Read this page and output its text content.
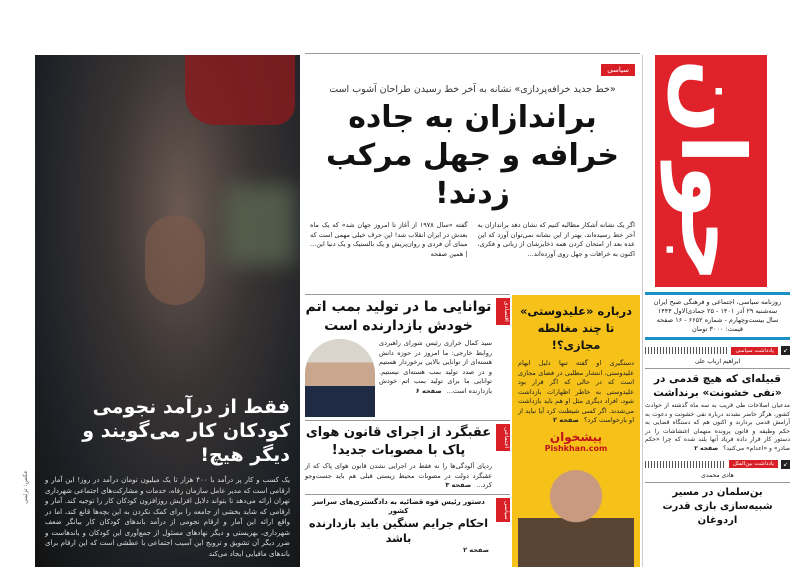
فقط از درآمد نجومی کودکان کار می‌گویند و دیگر هیچ!
یک کسب و کار پر درآمد با ۴۰۰ هزار تا یک میلیون تومان درآمد در روز! این آمار و ارقامی است که مدیر عامل سازمان رفاه، خدمات و مشارکت‌های اجتماعی شهرداری تهران ارائه می‌دهد تا بتواند دلایل افزایش روزافزون کودکان کار را توجیه کند. آمار و ارقامی که شاید بخشی از جامعه را برای کمک نکردن به این بچه‌ها قانع کند، اما در واقع ارائه این آمار و ارقام نجومی از درآمد باندهای کودکان کار بیانگر ضعف شهرداری، بهزیستی و دیگر نهادهای مسئول از جمع‌آوری این کودکان و باندهاست و ضرر دیگر آن تشویق و ترویج این آسیب اجتماعی با عطشی است که این ارقام برای باندهای مافیایی ایجاد می‌کند
عکس: تزئینی
سیاسی
«خط جدید خرافه‌پردازی» نشانه به آخر خط رسیدن طراحان آشوب است
براندازان به جاده خرافه و جهل مرکب زدند!
اگر یک نشانه آشکار مطالبه کنیم که نشان دهد براندازان به آخر خط رسیده‌اند، بهتر از این نشانه نمی‌توان آورد که این عده بعد از امتحان کردن همه ذخایرشان از زبانی و فکری، اکنون به خرافات و جهل روی آورده‌اند...
گفته «سال ۱۹۷۸ از آغاز تا امروز جهان شد» که یک ماه بعدش در ایران انقلاب شد! این حرف خیلی مهمی است که مبنای آن فردی و روان‌پریش و یک بالستیک و یک دنیا این... | همین صفحه
اقتصادی
توانایی ما در تولید بمب اتم خودش بازدارنده است
سید کمال خرازی رئیس شورای راهبردی روابط خارجی: ما امروز در حوزه دانش هسته‌ای از توانایی بالایی برخوردار هستیم و در صدد تولید بمب هسته‌ای نیستیم. توانایی ما برای تولید بمب اتم خودش بازدارنده است... صفحه ۶
اجتماعی
عقبگرد از اجرای قانون هوای پاک با مصوبات جدید!
ردپای آلودگی‌ها را نه فقط در اجرایی نشدن قانون هوای پاک که از عقبگرد دولت در مصوبات محیط زیستی قبلی هم باید جست‌وجو کرد... صفحه ۳
سیاسی
دستور رئیس قوه قضائیه به دادگستری‌های سراسر کشور
احکام جرایم سنگین باید بازدارنده باشد
صفحه ۲
درباره «علیدوستی» تا چند مغالطه مجازی؟!
دستگیری او گفته تنها دلیل ابهام علیدوستی، انتشار مطلبی در فضای مجازی است که در حالی که اگر قرار بود علیدوستی به خاطر اظهارات بازداشت شود، افراد دیگری مثل او هم باید بازداشت می‌شدند. اگر کسی شیطنت کرد آیا نباید از او بازخواست کرد؟ صفحه ۲
پیشخوان
Pishkhan.com
جوان
روزنامه سیاسی، اجتماعی و فرهنگی صبح ایران
سه‌شنبه ۲۹ آذر ۱۴۰۱ - ۲۵ جمادی‌الاول ۱۴۴۴
سال بیست‌وچهارم - شماره ۶۶۵۲ - ۱۶ صفحه
قیمت: ۳۰۰۰ تومان
↙
یادداشت سیاسی
ابراهیم ارباب علی
قبیله‌ای که هیچ قدمی در «نفی خشونت» برنداشت
مدعیان اصلاحات طی قریب به سه ماه گذشته از حوادث کشور، هرگز حاضر نشدند درباره نفی خشونت و دعوت به آرامش قدمی بردارند و اکنون هم که دستگاه قضایی به حکم وظیفه و قانون پرونده متهمان اغتشاشات را در دستور کار قرار داده فریاد آنها بلند شده که چرا «حکم صادر» و «اعدام» می‌کنید؟ صفحه ۲
↙
یادداشت بین‌الملل
هادی محمدی
بن‌سلمان در مسیر شبیه‌سازی بازی قدرت اردوغان
